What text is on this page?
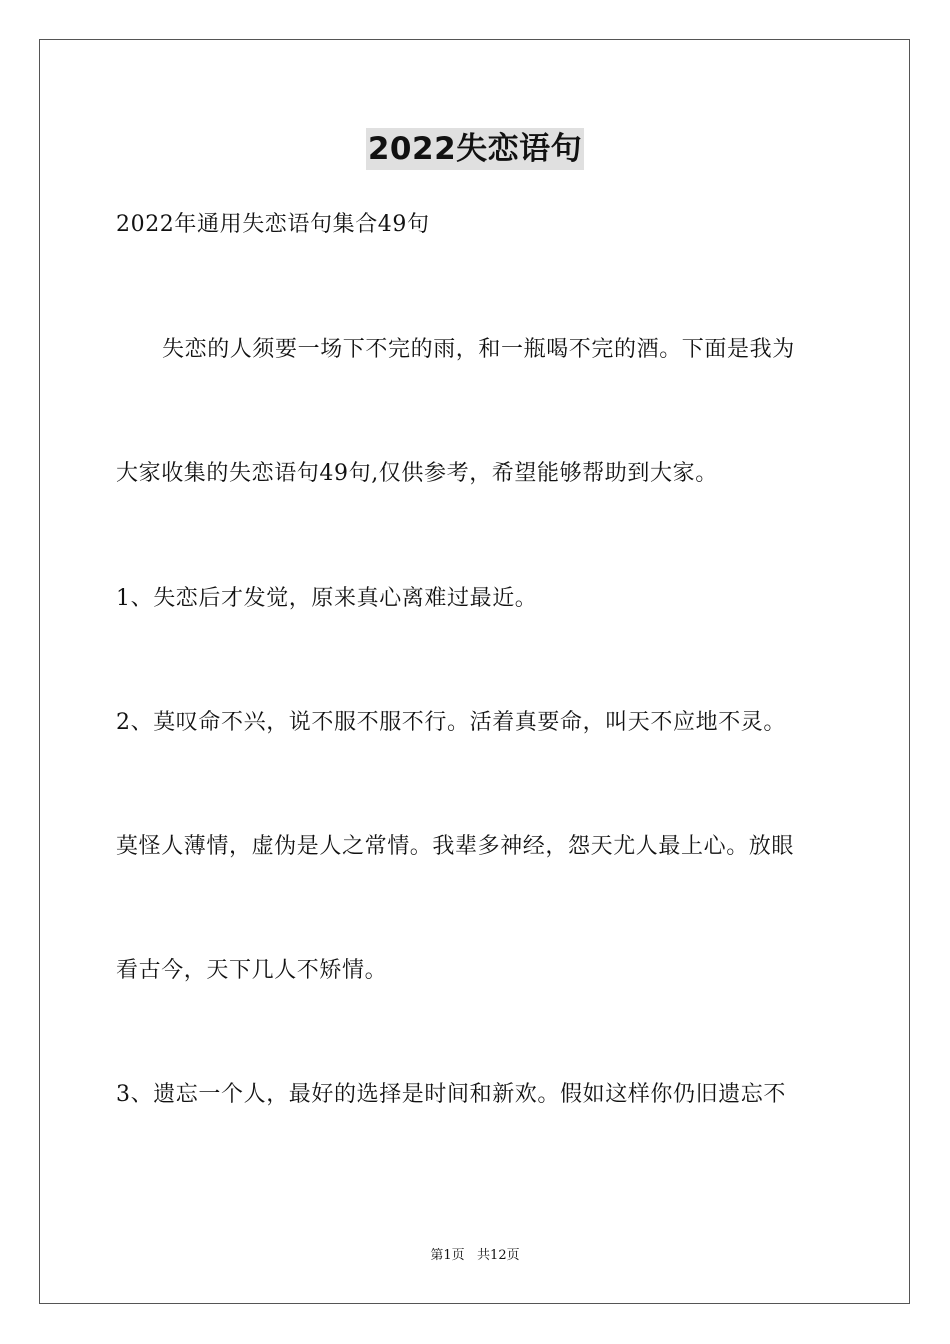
2022失恋语句
2022年通用失恋语句集合49句
失恋的人须要一场下不完的雨，和一瓶喝不完的酒。下面是我为
大家收集的失恋语句49句,仅供参考，希望能够帮助到大家。
1、失恋后才发觉，原来真心离难过最近。
2、莫叹命不兴，说不服不服不行。活着真要命，叫天不应地不灵。
莫怪人薄情，虚伪是人之常情。我辈多神经，怨天尤人最上心。放眼
看古今，天下几人不矫情。
3、遗忘一个人，最好的选择是时间和新欢。假如这样你仍旧遗忘不
第1页   共12页
